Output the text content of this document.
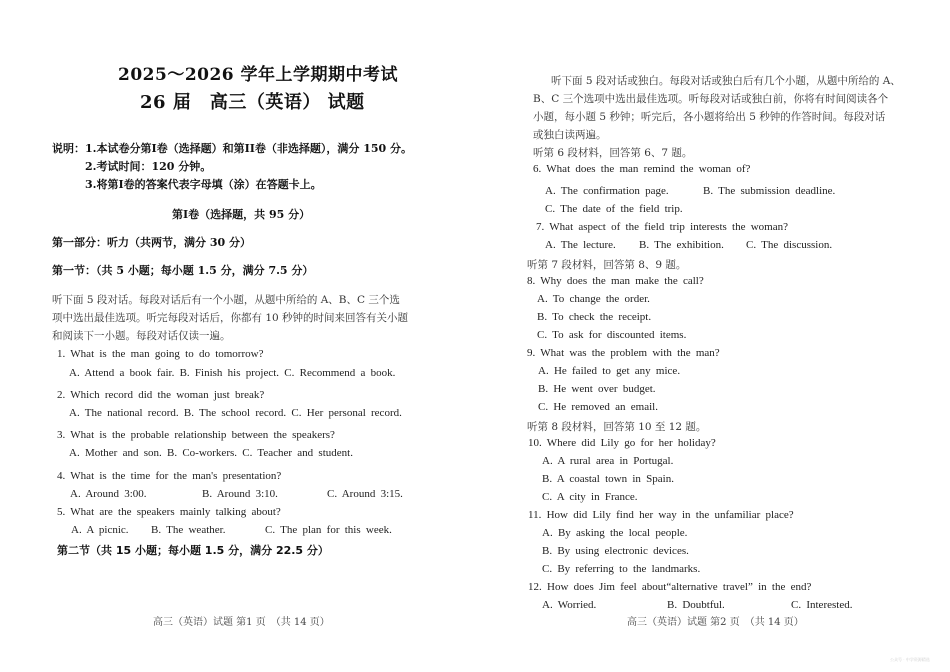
2025～2026 学年上学期期中考试
26 届　高三（英语） 试题
说明：1.本试卷分第I卷（选择题）和第II卷（非选择题），满分 150 分。
2.考试时间：120 分钟。
3.将第I卷的答案代表字母填（涂）在答题卡上。
第I卷（选择题，共 95 分）
第一部分：听力（共两节，满分 30 分）
第一节：（共 5 小题；每小题 1.5 分，满分 7.5 分）
听下面 5 段对话。每段对话后有一个小题，从题中所给的 A、B、C 三个选
项中选出最佳选项。听完每段对话后，你都有 10 秒钟的时间来回答有关小题
和阅读下一小题。每段对话仅读一遍。
1. What is the man going to do tomorrow?
A. Attend a book fair. B. Finish his project. C. Recommend a book.
2. Which record did the woman just break?
A. The national record. B. The school record. C. Her personal record.
3. What is the probable relationship between the speakers?
A. Mother and son. B. Co-workers. C. Teacher and student.
4. What is the time for the man's presentation?
A. Around 3:00.	B. Around 3:10.	C. Around 3:15.
5. What are the speakers mainly talking about?
A. A picnic. B. The weather.	C. The plan for this week.
第二节（共 15 小题；每小题 1.5 分，满分 22.5 分）
高三（英语）试题 第1 页　（共 14 页）
听下面 5 段对话或独白。每段对话或独白后有几个小题，从题中所给的 A、
B、C 三个选项中选出最佳选项。听每段对话或独白前，你将有时间阅读各个
小题，每小题 5 秒钟；听完后，各小题将给出 5 秒钟的作答时间。每段对话
或独白读两遍。
听第 6 段材料，回答第 6、7 题。
6. What does the man remind the woman of?
A. The confirmation page.	B. The submission deadline.
C. The date of the field trip.
7. What aspect of the field trip interests the woman?
A. The lecture. B. The exhibition. C. The discussion.
听第 7 段材料，回答第 8、9 题。
8. Why does the man make the call?
A. To change the order.
B. To check the receipt.
C. To ask for discounted items.
9. What was the problem with the man?
A. He failed to get any mice.
B. He went over budget.
C. He removed an email.
听第 8 段材料，回答第 10 至 12 题。
10. Where did Lily go for her holiday?
A. A rural area in Portugal.
B. A coastal town in Spain.
C. A city in France.
11. How did Lily find her way in the unfamiliar place?
A. By asking the local people.
B. By using electronic devices.
C. By referring to the landmarks.
12. How does Jim feel about“alternative travel” in the end?
A. Worried.	B. Doubtful.	C. Interested.
高三（英语）试题 第2 页　（共 14 页）
公众号 · 中学资源精选
